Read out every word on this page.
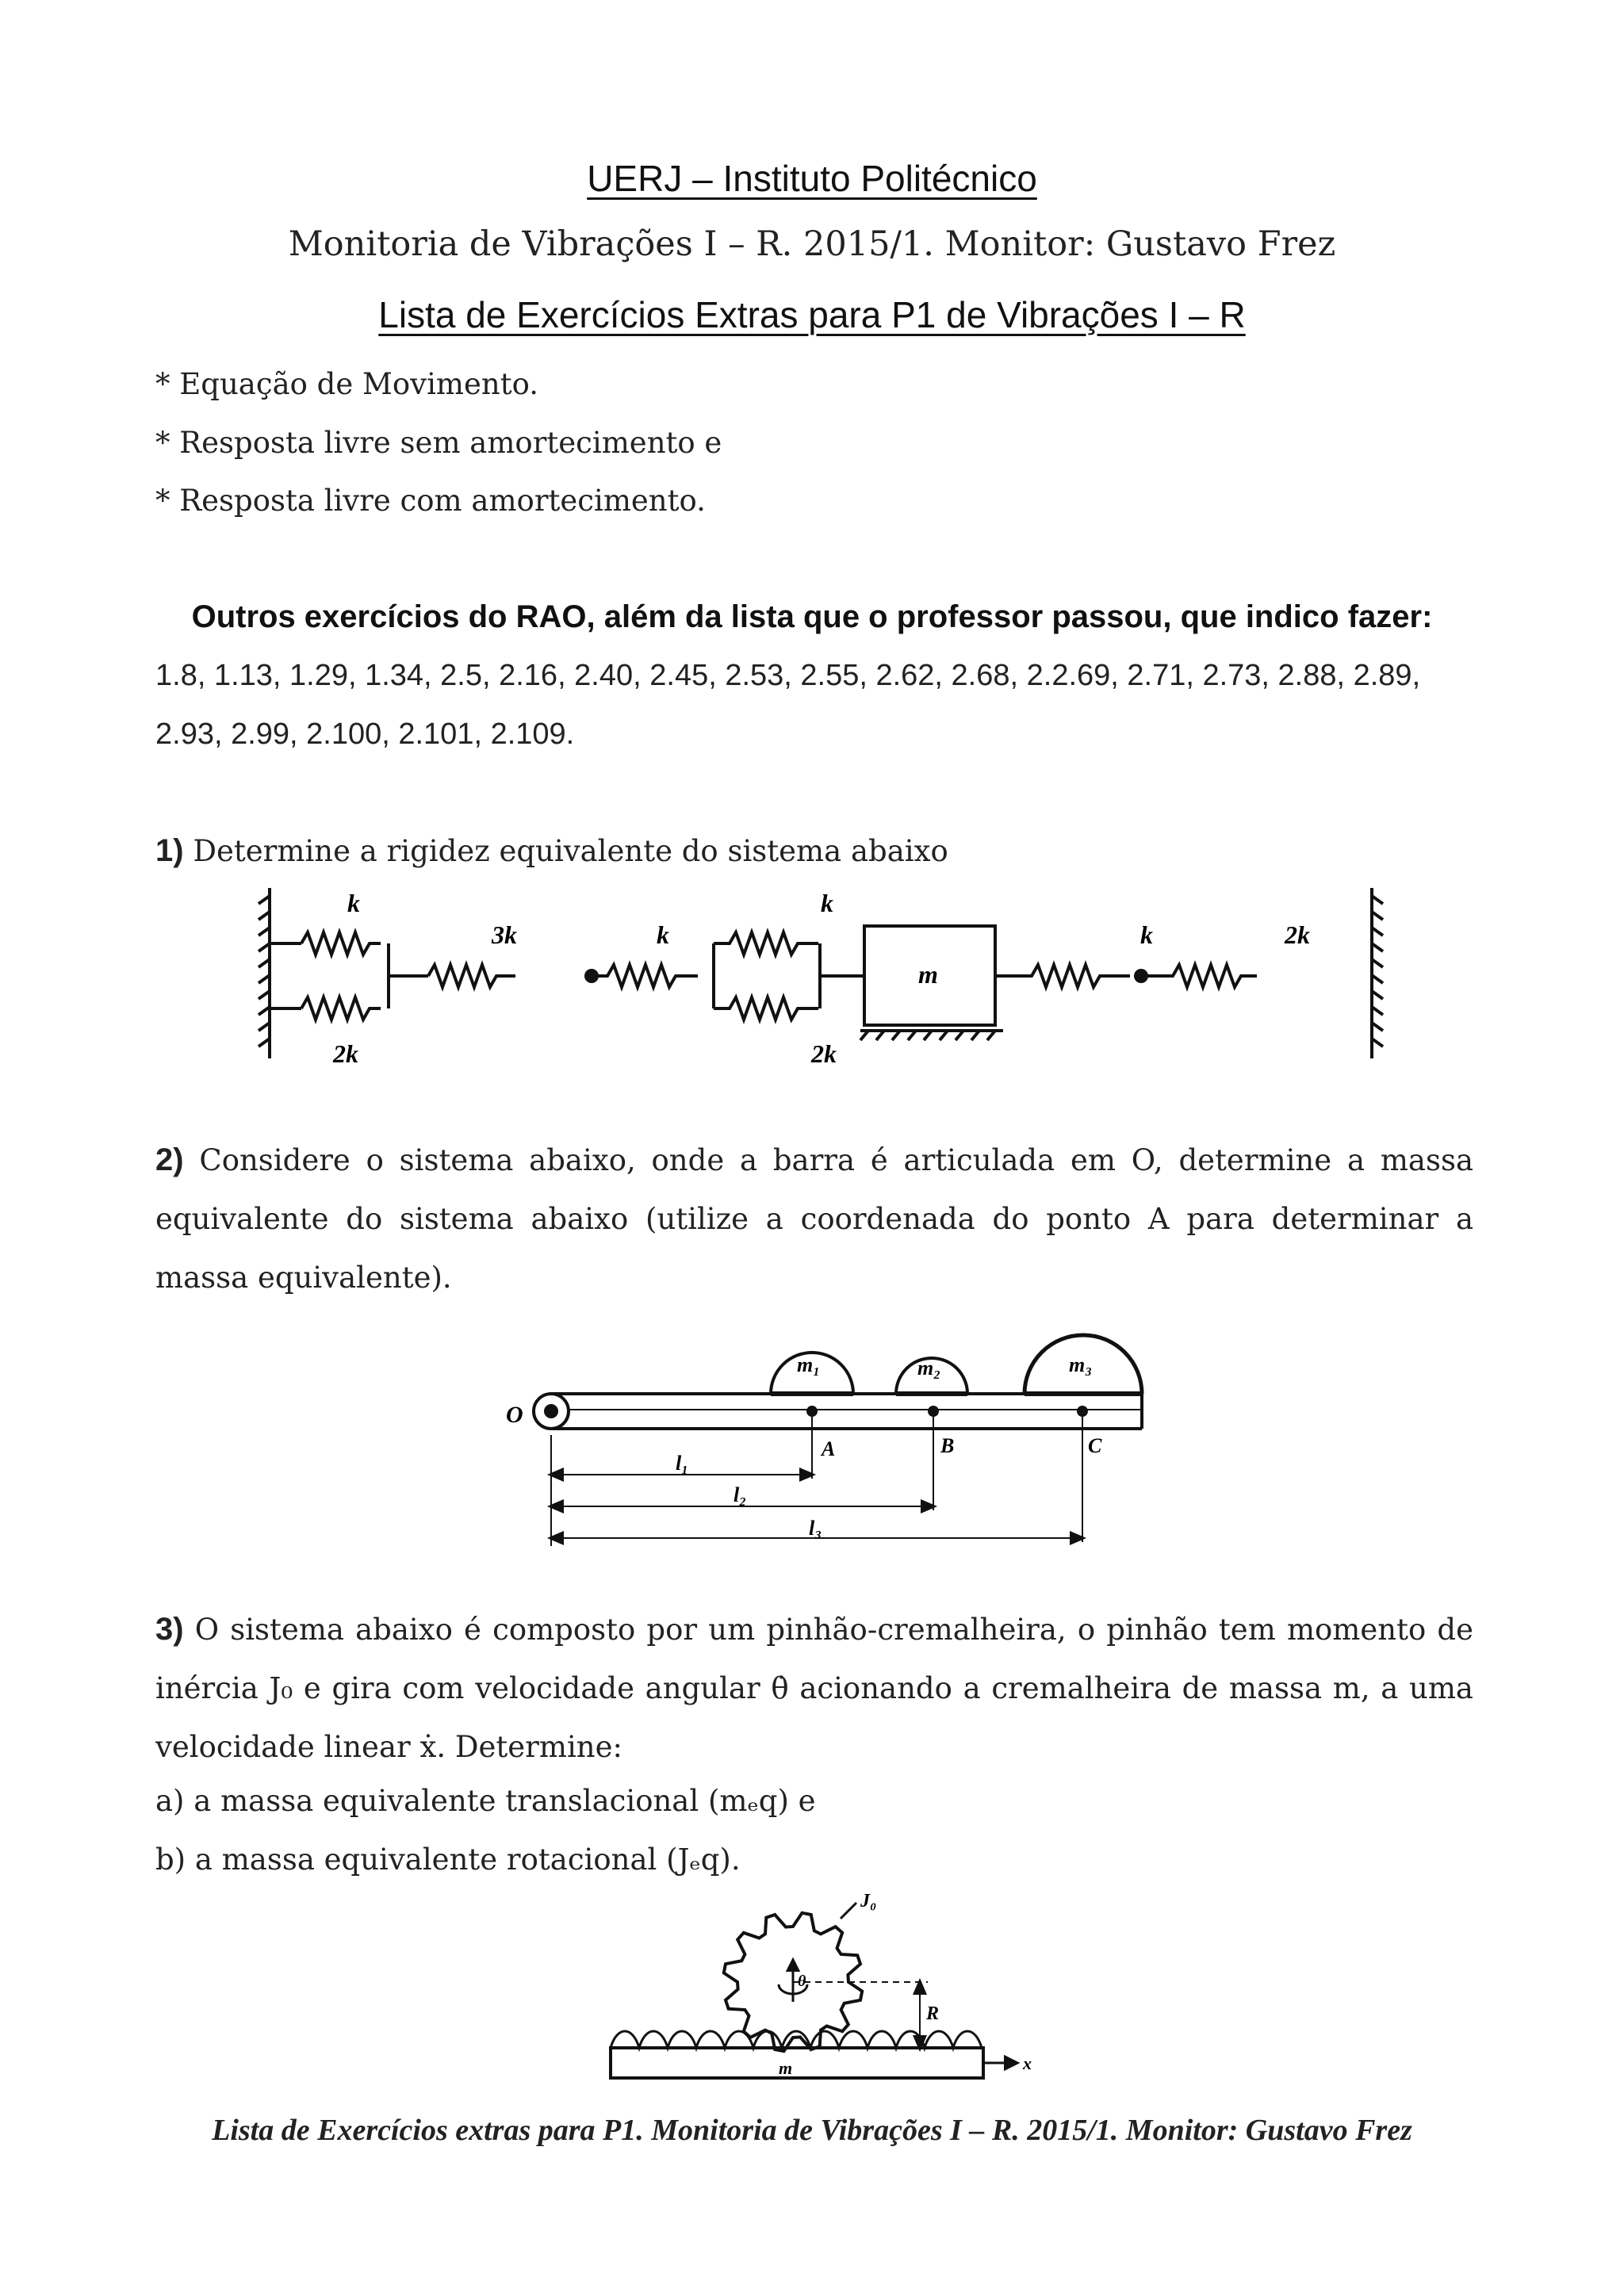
UERJ – Instituto Politécnico
Monitoria de Vibrações I – R. 2015/1. Monitor: Gustavo Frez
Lista de Exercícios Extras para P1 de Vibrações I – R
* Equação de Movimento.
* Resposta livre sem amortecimento e
* Resposta livre com amortecimento.
Outros exercícios do RAO, além da lista que o professor passou, que indico fazer:
1.8, 1.13, 1.29, 1.34, 2.5, 2.16, 2.40, 2.45, 2.53, 2.55, 2.62, 2.68, 2.2.69, 2.71, 2.73, 2.88, 2.89, 2.93, 2.99, 2.100, 2.101, 2.109.
1) Determine a rigidez equivalente do sistema abaixo
k
2k
3k	k
k
2k
m
k	2k
2) Considere o sistema abaixo, onde a barra é articulada em O, determine a massa equivalente do sistema abaixo (utilize a coordenada do ponto A para determinar a massa equivalente).
O
m₁	m₂	m₃
A	B	C
l₁
l₂
l₃
3) O sistema abaixo é composto por um pinhão-cremalheira, o pinhão tem momento de inércia J₀ e gira com velocidade angular θ̇ acionando a cremalheira de massa m, a uma velocidade linear ẋ. Determine:
a) a massa equivalente translacional (mₑq) e
b) a massa equivalente rotacional (Jₑq).
J₀
θ
R
m	x
Lista de Exercícios extras para P1. Monitoria de Vibrações I – R. 2015/1. Monitor: Gustavo Frez
